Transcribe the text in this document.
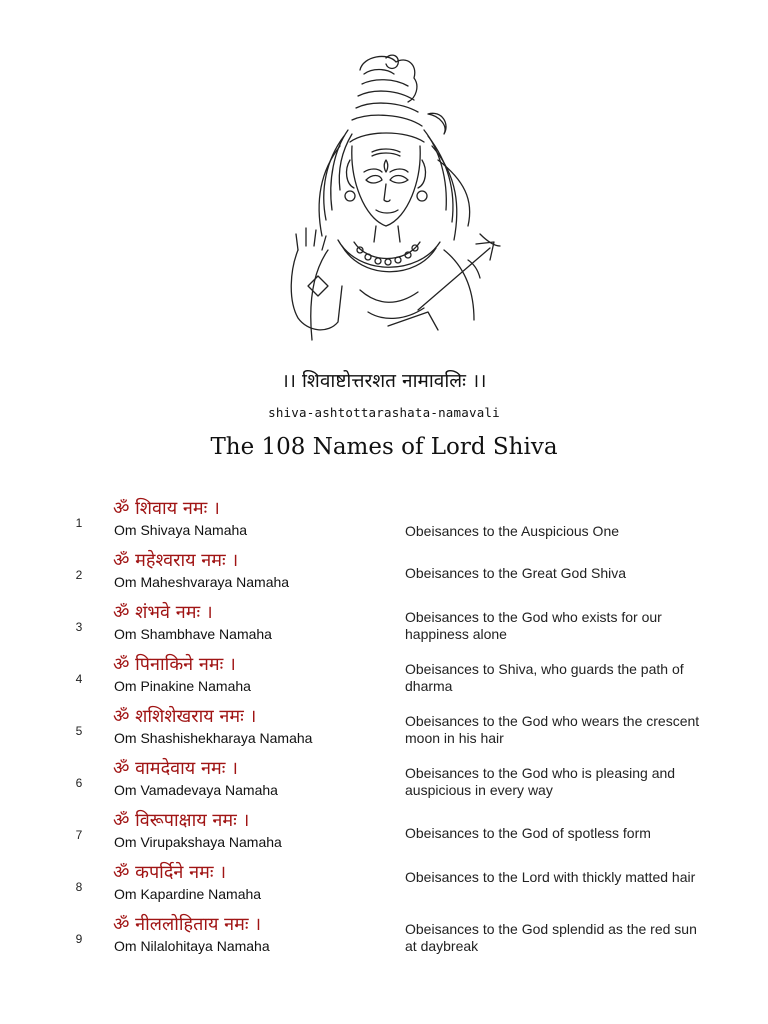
।। शिवाष्टोत्तरशत नामावलिः ।।
shiva-ashtottarashata-namavali
The 108 Names of Lord Shiva
1
ॐ शिवाय नमः ।
Om Shivaya Namaha	Obeisances to the Auspicious One
2
ॐ महेश्वराय नमः ।
Om Maheshvaraya Namaha
Obeisances to the Great God Shiva
3
ॐ शंभवे नमः ।
Om Shambhave Namaha
Obeisances to the God who exists for our happiness alone
4
ॐ पिनाकिने नमः ।
Om Pinakine Namaha
Obeisances to Shiva, who guards the path of dharma
5
ॐ शशिशेखराय नमः ।
Om Shashishekharaya Namaha
Obeisances to the God who wears the crescent moon in his hair
6
ॐ वामदेवाय नमः ।
Om Vamadevaya Namaha
Obeisances to the God who is pleasing and auspicious in every way
7
ॐ विरूपाक्षाय नमः ।
Om Virupakshaya Namaha
Obeisances to the God of spotless form
8
ॐ कपर्दिने नमः ।
Om Kapardine Namaha
Obeisances to the Lord with thickly matted hair
9
ॐ नीललोहिताय नमः ।
Om Nilalohitaya Namaha
Obeisances to the God splendid as the red sun at daybreak
